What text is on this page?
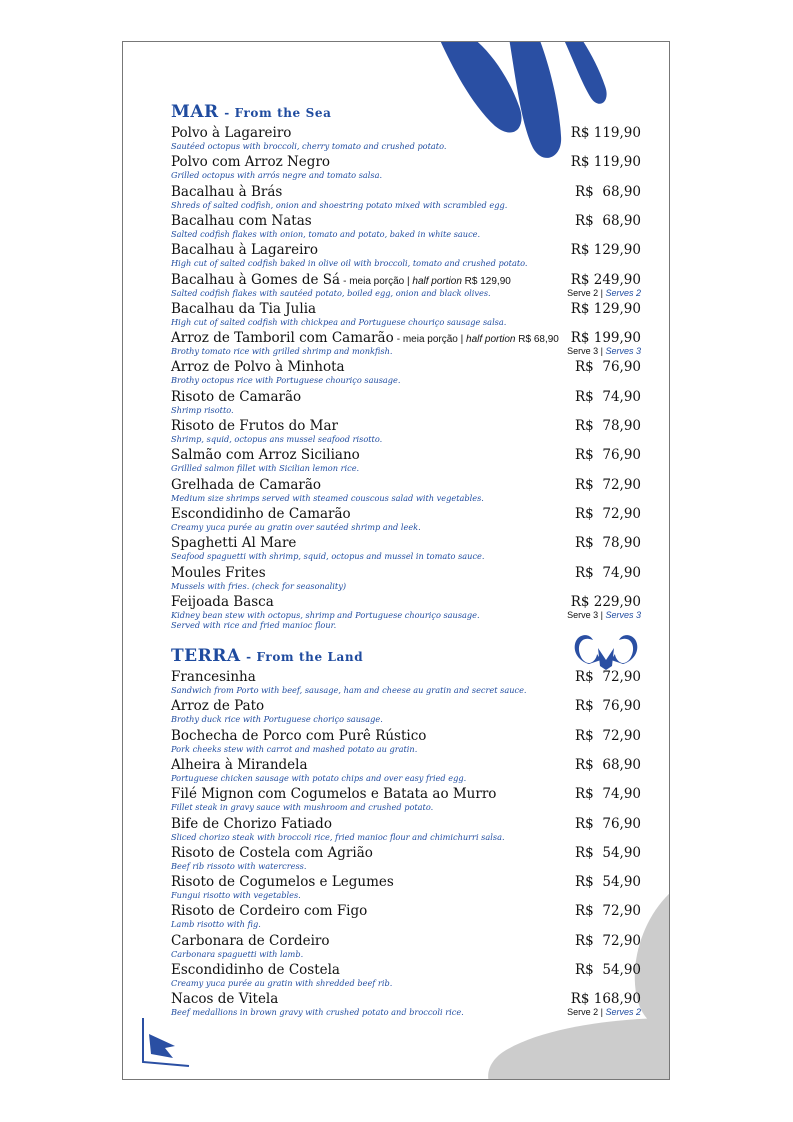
MAR - From the Sea
Polvo à Lagareiro
Sautéed octopus with broccoli, cherry tomato and crushed potato.
R$ 119,90
Polvo com Arroz Negro
Grilled octopus with arrós negre and tomato salsa.
R$ 119,90
Bacalhau à Brás
Shreds of salted codfish, onion and shoestring potato mixed with scrambled egg.
R$  68,90
Bacalhau com Natas
Salted codfish flakes with onion, tomato and potato, baked in white sauce.
R$  68,90
Bacalhau à Lagareiro
High cut of salted codfish baked in olive oil with broccoli, tomato and crushed potato.
R$ 129,90
Bacalhau à Gomes de Sá - meia porção | half portion R$ 129,90
Salted codfish flakes with sautéed potato, boiled egg, onion and black olives.
R$ 249,90
Serve 2 | Serves 2
Bacalhau da Tia Julia
High cut of salted codfish with chickpea and Portuguese chouriço sausage salsa.
R$ 129,90
Arroz de Tamboril com Camarão - meia porção | half portion R$ 68,90
Brothy tomato rice with grilled shrimp and monkfish.
R$ 199,90
Serve 3 | Serves 3
Arroz de Polvo à Minhota
Brothy octopus rice with Portuguese chouriço sausage.
R$  76,90
Risoto de Camarão
Shrimp risotto.
R$  74,90
Risoto de Frutos do Mar
Shrimp, squid, octopus ans mussel seafood risotto.
R$  78,90
Salmão com Arroz Siciliano
Grillled salmon fillet with Sicilian lemon rice.
R$  76,90
Grelhada de Camarão
Medium size shrimps served with steamed couscous salad with vegetables.
R$  72,90
Escondidinho de Camarão
Creamy yuca purée au gratin over sautéed shrimp and leek.
R$  72,90
Spaghetti Al Mare
Seafood spaguetti with shrimp, squid, octopus and mussel in tomato sauce.
R$  78,90
Moules Frites
Mussels with fries. (check for seasonality)
R$  74,90
Feijoada Basca
Kidney bean stew with octopus, shrimp and Portuguese chouriço sausage.
Served with rice and fried manioc flour.
R$ 229,90
Serve 3 | Serves 3
TERRA - From the Land
Francesinha
Sandwich from Porto with beef, sausage, ham and cheese au gratin and secret sauce.
R$  72,90
Arroz de Pato
Brothy duck rice with Portuguese choriço sausage.
R$  76,90
Bochecha de Porco com Purê Rústico
Pork cheeks stew with carrot and mashed potato au gratin.
R$  72,90
Alheira à Mirandela
Portuguese chicken sausage with potato chips and over easy fried egg.
R$  68,90
Filé Mignon com Cogumelos e Batata ao Murro
Fillet steak in gravy sauce with mushroom and crushed potato.
R$  74,90
Bife de Chorizo Fatiado
Sliced chorizo steak with broccoli rice, fried manioc flour and chimichurri salsa.
R$  76,90
Risoto de Costela com Agrião
Beef rib rissoto with watercress.
R$  54,90
Risoto de Cogumelos e Legumes
Fungui risotto with vegetables.
R$  54,90
Risoto de Cordeiro com Figo
Lamb risotto with fig.
R$  72,90
Carbonara de Cordeiro
Carbonara spaguetti with lamb.
R$  72,90
Escondidinho de Costela
Creamy yuca purée au gratin with shredded beef rib.
R$  54,90
Nacos de Vitela
Beef medallions in brown gravy with crushed potato and broccoli rice.
R$ 168,90
Serve 2 | Serves 2
